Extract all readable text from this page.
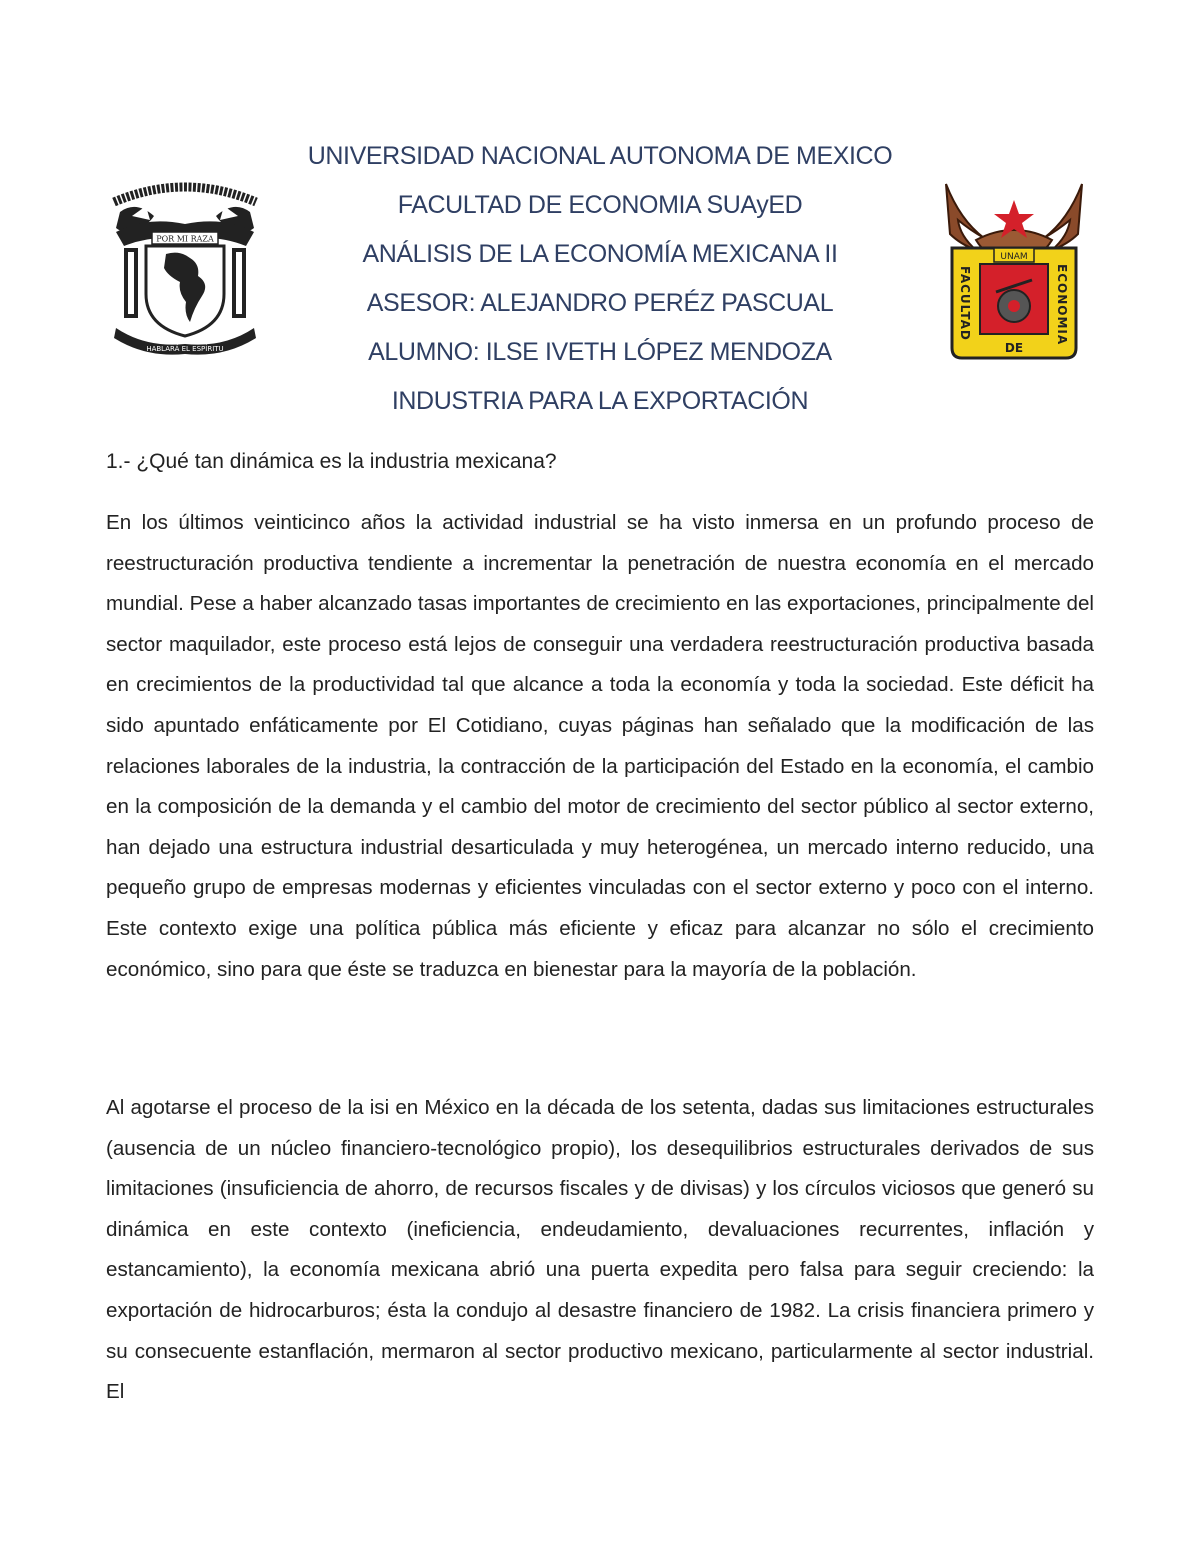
POR MI RAZA
HABLARÁ EL ESPÍRITU
UNAM
FACULTAD	ECONOMIA
DE
UNIVERSIDAD NACIONAL AUTONOMA DE MEXICO
FACULTAD DE ECONOMIA SUAyED
ANÁLISIS DE LA ECONOMÍA MEXICANA II
ASESOR: ALEJANDRO PERÉZ PASCUAL
ALUMNO: ILSE IVETH LÓPEZ MENDOZA
INDUSTRIA PARA LA EXPORTACIÓN
1.- ¿Qué tan dinámica es la industria mexicana?
En los últimos veinticinco años la actividad industrial se ha visto inmersa en un profundo proceso de reestructuración productiva tendiente a incrementar la penetración de nuestra economía en el mercado mundial. Pese a haber alcanzado tasas importantes de crecimiento en las exportaciones, principalmente del sector maquilador, este proceso está lejos de conseguir una verdadera reestructuración productiva basada en crecimientos de la productividad tal que alcance a toda la economía y toda la sociedad. Este déficit ha sido apuntado enfáticamente por El Cotidiano, cuyas páginas han señalado que la modificación de las relaciones laborales de la industria, la contracción de la participación del Estado en la economía, el cambio en la composición de la demanda y el cambio del motor de crecimiento del sector público al sector externo, han dejado una estructura industrial desarticulada y muy heterogénea, un mercado interno reducido, una pequeño grupo de empresas modernas y eficientes vinculadas con el sector externo y poco con el interno. Este contexto exige una política pública más eficiente y eficaz para alcanzar no sólo el crecimiento económico, sino para que éste se traduzca en bienestar para la mayoría de la población.
Al agotarse el proceso de la isi en México en la década de los setenta, dadas sus limitaciones estructurales (ausencia de un núcleo financiero-tecnológico propio), los desequilibrios estructurales derivados de sus limitaciones (insuficiencia de ahorro, de recursos fiscales y de divisas) y los círculos viciosos que generó su dinámica en este contexto (ineficiencia, endeudamiento, devaluaciones recurrentes, inflación y estancamiento), la economía mexicana abrió una puerta expedita pero falsa para seguir creciendo: la exportación de hidrocarburos; ésta la condujo al desastre financiero de 1982. La crisis financiera primero y su consecuente estanflación, mermaron al sector productivo mexicano, particularmente al sector industrial. El
